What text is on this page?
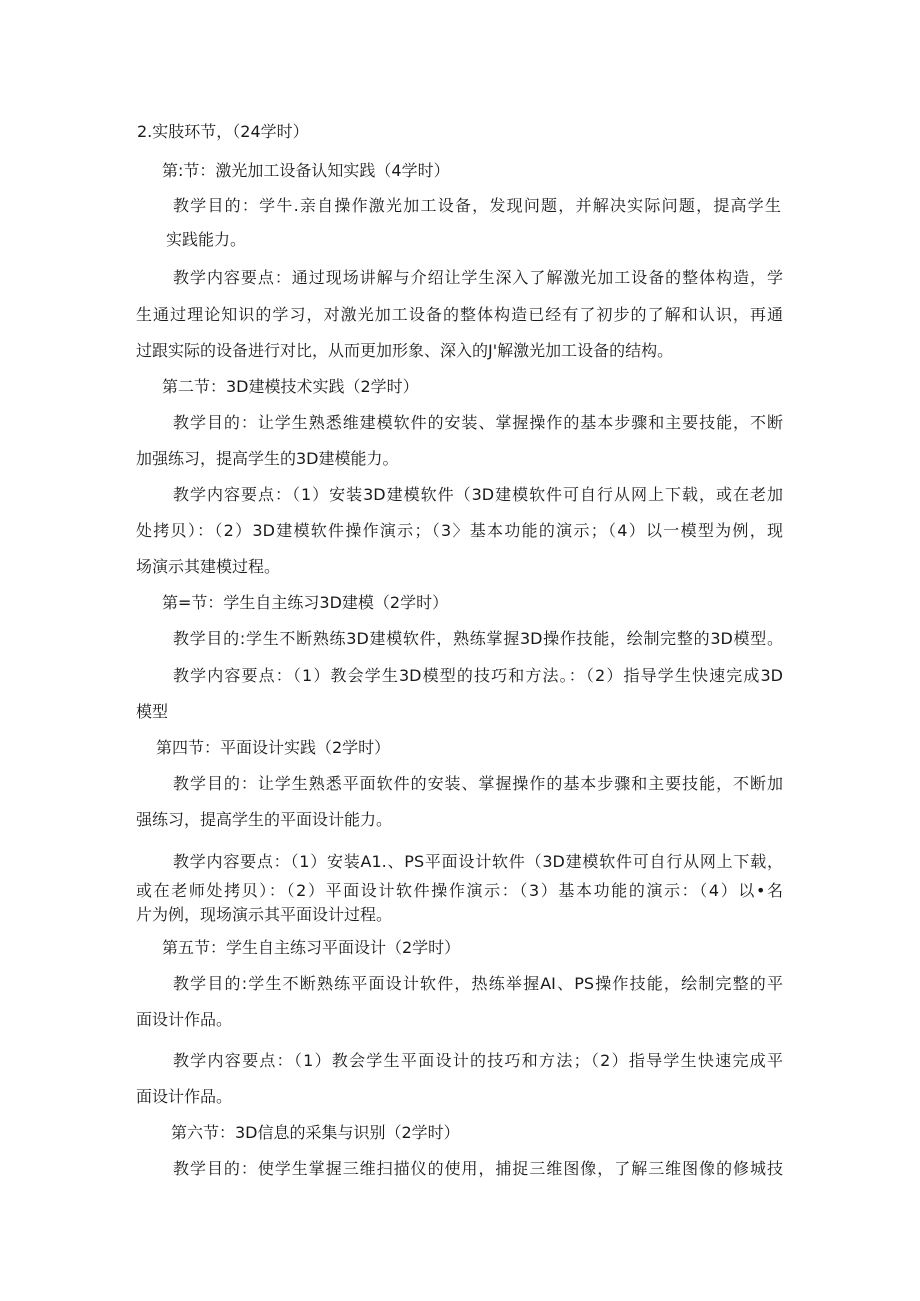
2.实肢环节，（24学时）
第:节：激光加工设备认知实践（4学时）
教学目的：学牛.亲自操作激光加工设备，发现问题，并解决实际问题，提高学生
实践能力。
教学内容要点：通过现场讲解与介绍让学生深入了解激光加工设备的整体构造，学
生通过理论知识的学习，对激光加工设备的整体构造已经有了初步的了解和认识，再通
过跟实际的设备进行对比，从而更加形象、深入的J'解激光加工设备的结构。
第二节：3D建模技术实践（2学时）
教学目的：让学生熟悉维建模软件的安装、掌握操作的基本步骤和主要技能，不断
加强练习，提高学生的3D建模能力。
教学内容要点：（1）安装3D建模软件（3D建模软件可自行从网上下载，或在老加
处拷贝）：（2）3D建模软件操作演示；（3〉基本功能的演示；（4）以一模型为例，现
场演示其建模过程。
第=节：学生自主练习3D建模（2学时）
教学目的:学生不断熟练3D建模软件，熟练掌握3D操作技能，绘制完整的3D模型。
教学内容要点：（1）教会学生3D模型的技巧和方法。：（2）指导学生快速完成3D
模型
第四节：平面设计实践（2学时）
教学目的：让学生熟悉平面软件的安装、掌握操作的基本步骤和主要技能，不断加
强练习，提高学生的平面设计能力。
教学内容要点：（1）安装A1.、PS平面设计软件（3D建模软件可自行从网上下载，
或在老师处拷贝）：（2）平面设计软件操作演示：（3）基本功能的演示：（4）以•名
片为例，现场演示其平面设计过程。
第五节：学生自主练习平面设计（2学时）
教学目的:学生不断熟练平面设计软件，热练举握AI、PS操作技能，绘制完整的平
面设计作品。
教学内容要点：（1）教会学生平面设计的技巧和方法；（2）指导学生快速完成平
面设计作品。
第六节：3D信息的采集与识别（2学时）
教学目的：使学生掌握三维扫描仪的使用，捕捉三维图像，了解三维图像的修城技
